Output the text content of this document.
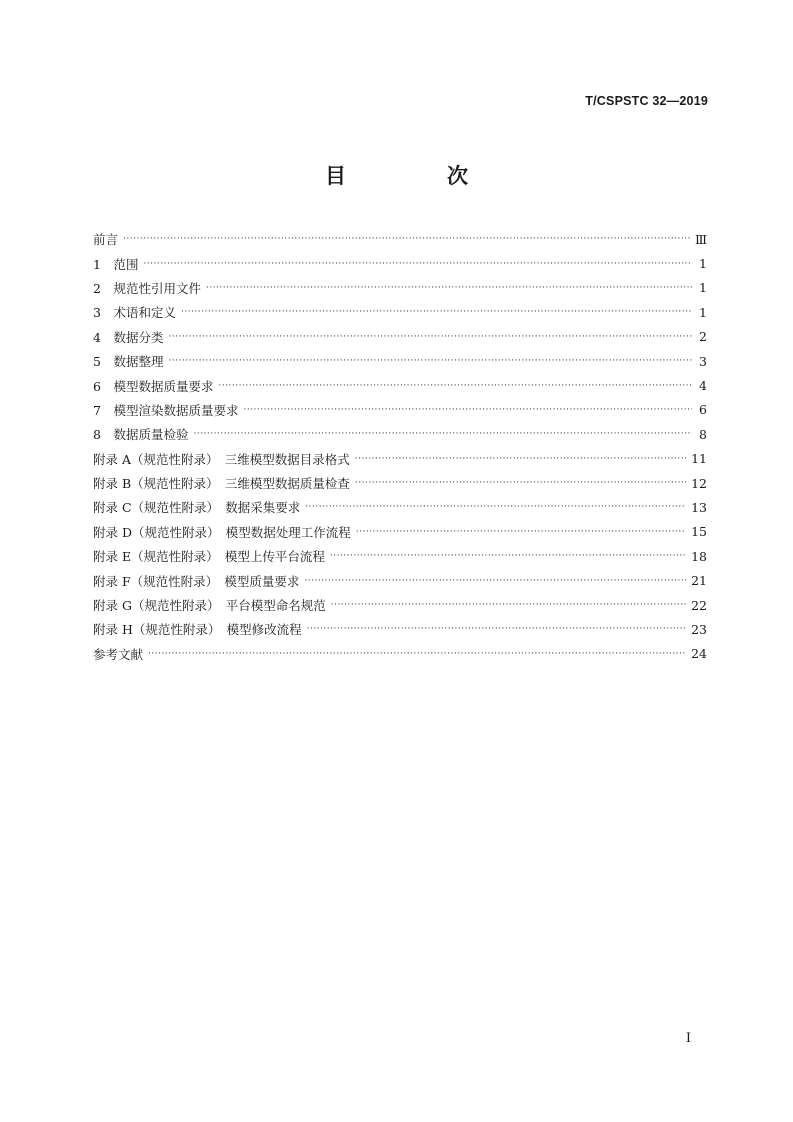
T/CSPSTC 32—2019
目　次
前言 ·····	Ⅲ
1　范围 ·····	1
2　规范性引用文件 ·····	1
3　术语和定义 ·····	1
4　数据分类 ·····	2
5　数据整理 ·····	3
6　模型数据质量要求 ·····	4
7　模型渲染数据质量要求 ·····	6
8　数据质量检验 ·····	8
附录 A（规范性附录）　三维模型数据目录格式 ·····	11
附录 B（规范性附录）　三维模型数据质量检查 ·····	12
附录 C（规范性附录）　数据采集要求 ·····	13
附录 D（规范性附录）　模型数据处理工作流程 ·····	15
附录 E（规范性附录）　模型上传平台流程 ·····	18
附录 F（规范性附录）　模型质量要求 ·····	21
附录 G（规范性附录）　平台模型命名规范 ·····	22
附录 H（规范性附录）　模型修改流程 ·····	23
参考文献 ·····	24
Ⅰ
